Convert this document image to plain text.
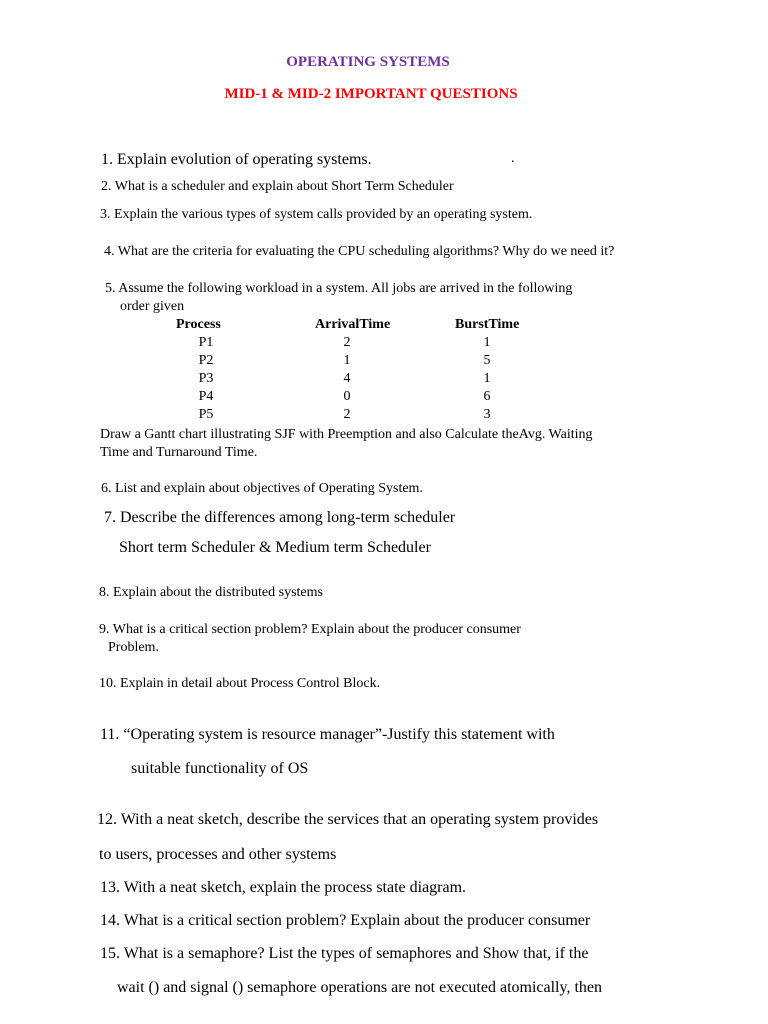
OPERATING SYSTEMS
MID-1 & MID-2 IMPORTANT QUESTIONS
1. Explain evolution of operating systems.	.
2. What is a scheduler and explain about Short Term Scheduler
3. Explain the various types of system calls provided by an operating system.
4. What are the criteria for evaluating the CPU scheduling algorithms? Why do we need it?
5. Assume the following workload in a system. All jobs are arrived in the following
order given
Process	ArrivalTime	BurstTime
P1	2	1
P2	1	5
P3	4	1
P4	0	6
P5	2	3
Draw a Gantt chart illustrating SJF with Preemption and also Calculate theAvg. Waiting
Time and Turnaround Time.
6. List and explain about objectives of Operating System.
7. Describe the differences among long-term scheduler
Short term Scheduler & Medium term Scheduler
8. Explain about the distributed systems
9. What is a critical section problem? Explain about the producer consumer
Problem.
10. Explain in detail about Process Control Block.
11. “Operating system is resource manager”-Justify this statement with
suitable functionality of OS
12. With a neat sketch, describe the services that an operating system provides
to users, processes and other systems
13. With a neat sketch, explain the process state diagram.
14. What is a critical section problem? Explain about the producer consumer
15. What is a semaphore? List the types of semaphores and Show that, if the
wait () and signal () semaphore operations are not executed atomically, then
